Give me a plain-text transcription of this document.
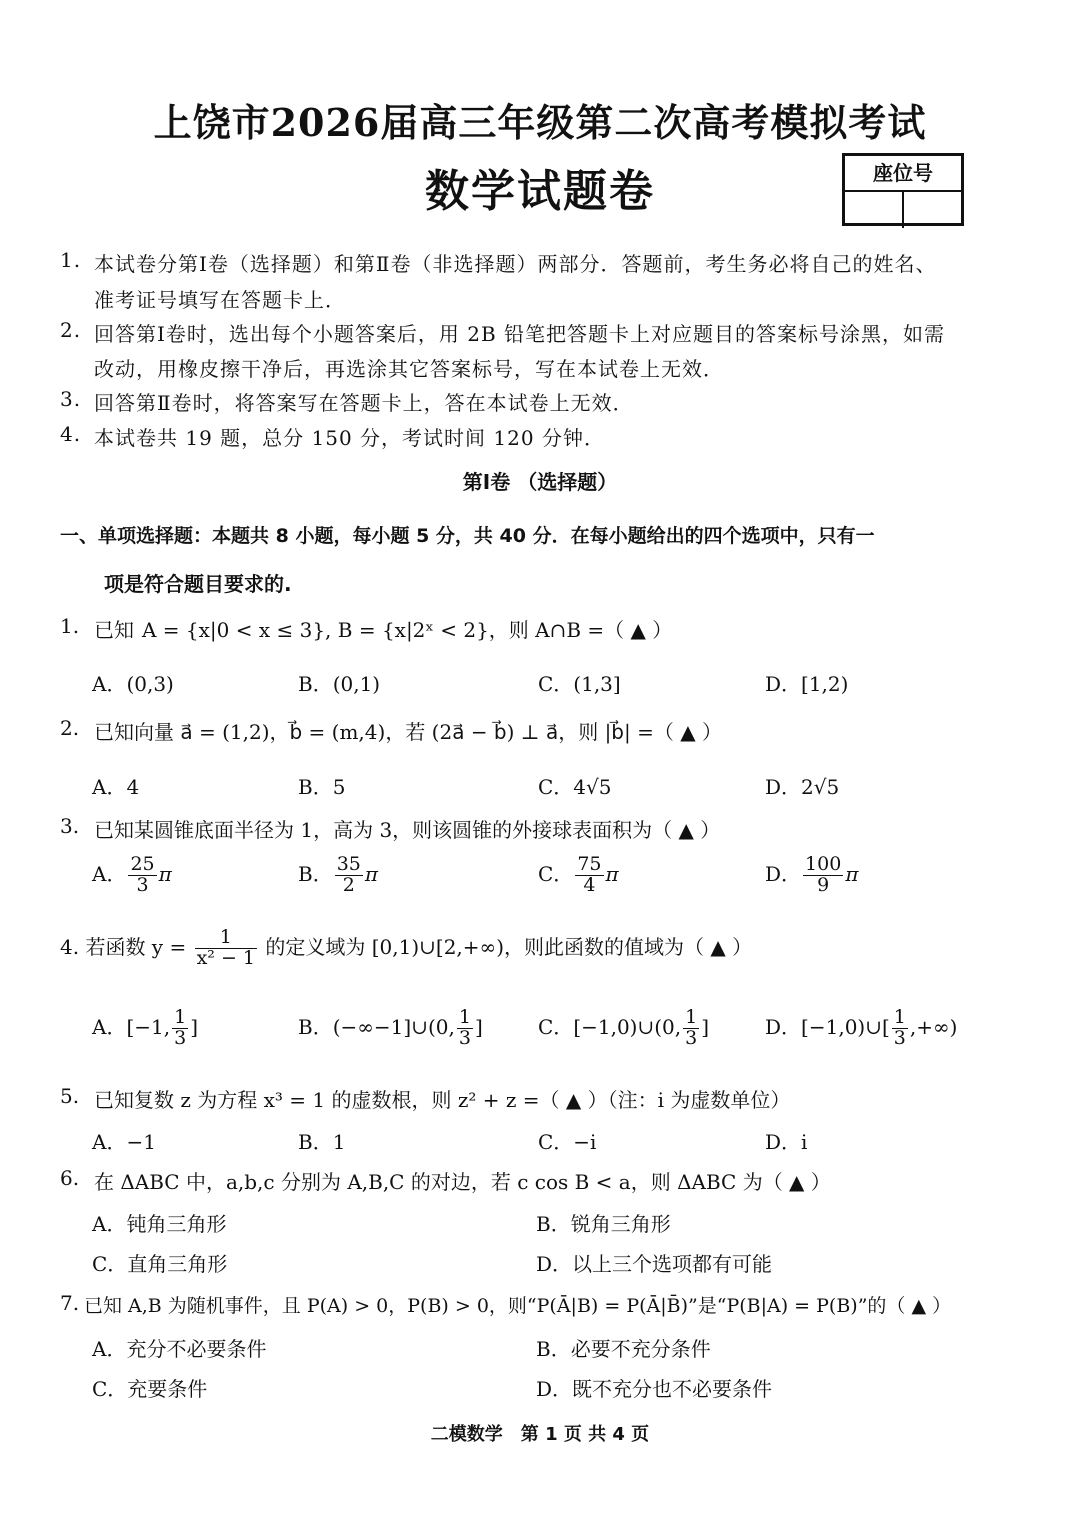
上饶市2026届高三年级第二次高考模拟考试
数学试题卷	座位号
1. 本试卷分第Ⅰ卷（选择题）和第Ⅱ卷（非选择题）两部分．答题前，考生务必将自己的姓名、
准考证号填写在答题卡上．
2. 回答第Ⅰ卷时，选出每个小题答案后，用 2B 铅笔把答题卡上对应题目的答案标号涂黑，如需
改动，用橡皮擦干净后，再选涂其它答案标号，写在本试卷上无效．
3. 回答第Ⅱ卷时，将答案写在答题卡上，答在本试卷上无效．
4. 本试卷共 19 题，总分 150 分，考试时间 120 分钟．
第Ⅰ卷 （选择题）
一、单项选择题：本题共 8 小题，每小题 5 分，共 40 分．在每小题给出的四个选项中，只有一
项是符合题目要求的.
1. 已知 A = {x|0 < x ≤ 3}, B = {x|2ˣ < 2}，则 A∩B =（ ▲ ）
A．(0,3)	B．(0,1)	C．(1,3]	D．[1,2)
2. 已知向量 a⃗ = (1,2)，b⃗ = (m,4)，若 (2a⃗ − b⃗) ⊥ a⃗，则 |b⃗| =（ ▲ ）
A．4	B．5	C．4√5	D．2√5
3. 已知某圆锥底面半径为 1，高为 3，则该圆锥的外接球表面积为（ ▲ ）
A． $\frac{25}{3}$ π	B． $\frac{35}{2}$ π	C． $\frac{75}{4}$ π	D． $\frac{100}{9}$ π
4. 若函数 $y = \frac{1}{\text{x² − 1}}$ 的定义域为 [0,1)∪[2,+∞)，则此函数的值域为（ ▲ ）
A．[−1, $\frac{1}{3}$ ]	B．(−∞−1]∪(0, $\frac{1}{3}$ ]	C．[−1,0)∪(0, $\frac{1}{3}$ ]	D．[−1,0)∪[ $\frac{1}{3}$ ,+∞)
5. 已知复数 z 为方程 x³ = 1 的虚数根，则 z² + z =（ ▲ ）（注：i 为虚数单位）
A．−1	B．1	C．−i	D．i
6. 在 ΔABC 中，a,b,c 分别为 A,B,C 的对边，若 c cos B < a，则 ΔABC 为（ ▲ ）
A．钝角三角形	B．锐角三角形
C．直角三角形	D．以上三个选项都有可能
7. 已知 A,B 为随机事件，且 P(A) > 0，P(B) > 0，则“P(Ā|B) = P(Ā|B̄)”是“P(B|A) = P(B)”的（ ▲ ）
A．充分不必要条件	B．必要不充分条件
C．充要条件	D．既不充分也不必要条件
二模数学　第 1 页 共 4 页
